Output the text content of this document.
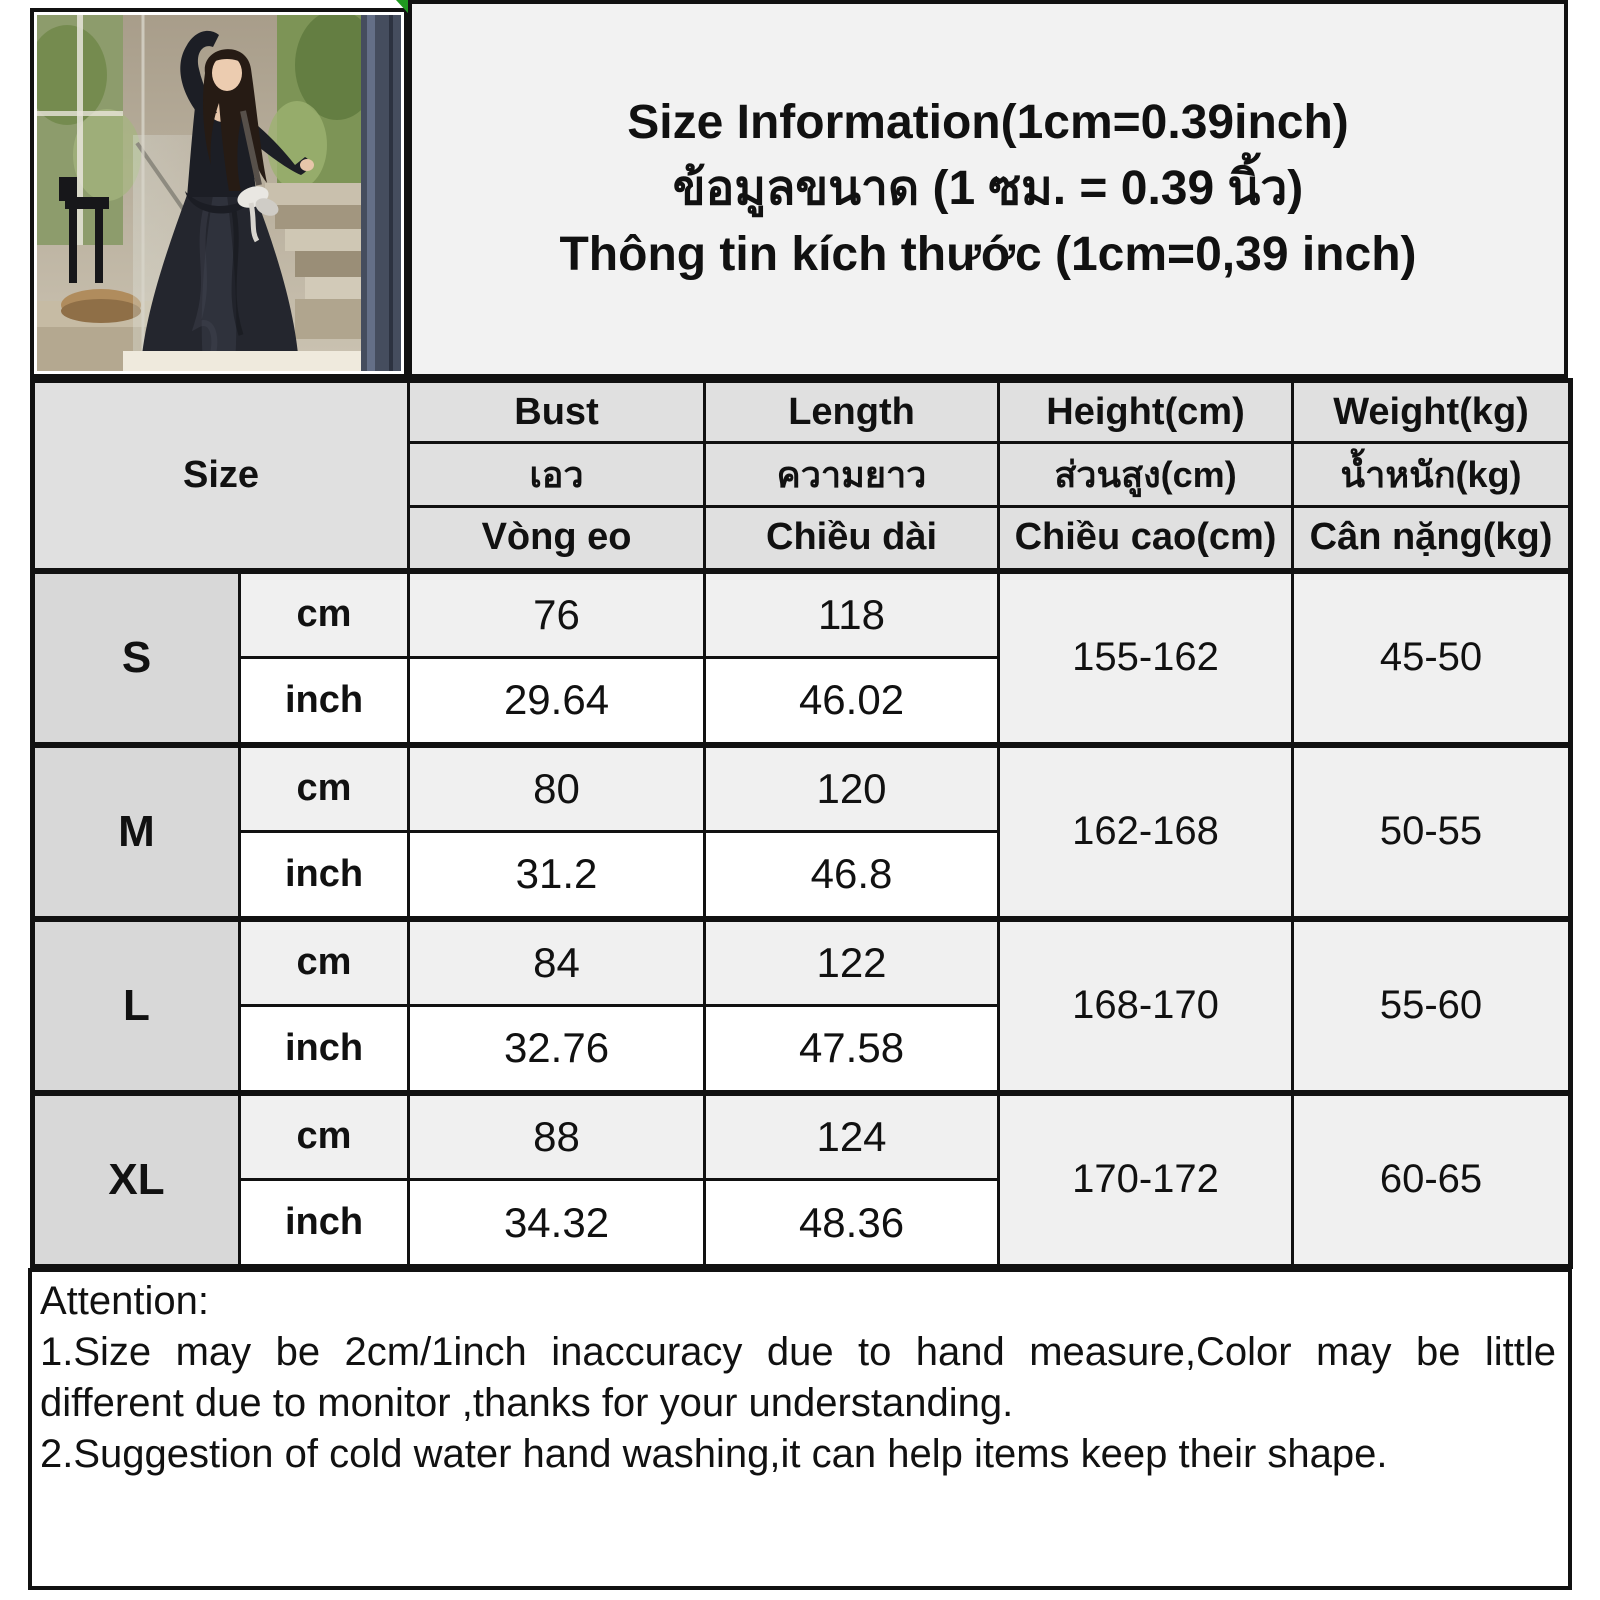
Size Information(1cm=0.39inch)
ข้อมูลขนาด (1 ซม. = 0.39 นิ้ว)
Thông tin kích thước (1cm=0,39 inch)
Size		Bust	Length	Height(cm)	Weight(kg)
		เอว	ความยาว	ส่วนสูง(cm)	น้ำหนัก(kg)
		Vòng eo	Chiều dài	Chiều cao(cm)	Cân nặng(kg)
S	cm	76	118	155-162	45-50
	inch	29.64	46.02		
M	cm	80	120	162-168	50-55
	inch	31.2	46.8		
L	cm	84	122	168-170	55-60
	inch	32.76	47.58		
XL	cm	88	124	170-172	60-65
	inch	34.32	48.36		
Attention:
1.Size may be 2cm/1inch inaccuracy due to hand measure,Color may be little different due to monitor ,thanks for your understanding.
2.Suggestion of cold water hand washing,it can help items keep their shape.
